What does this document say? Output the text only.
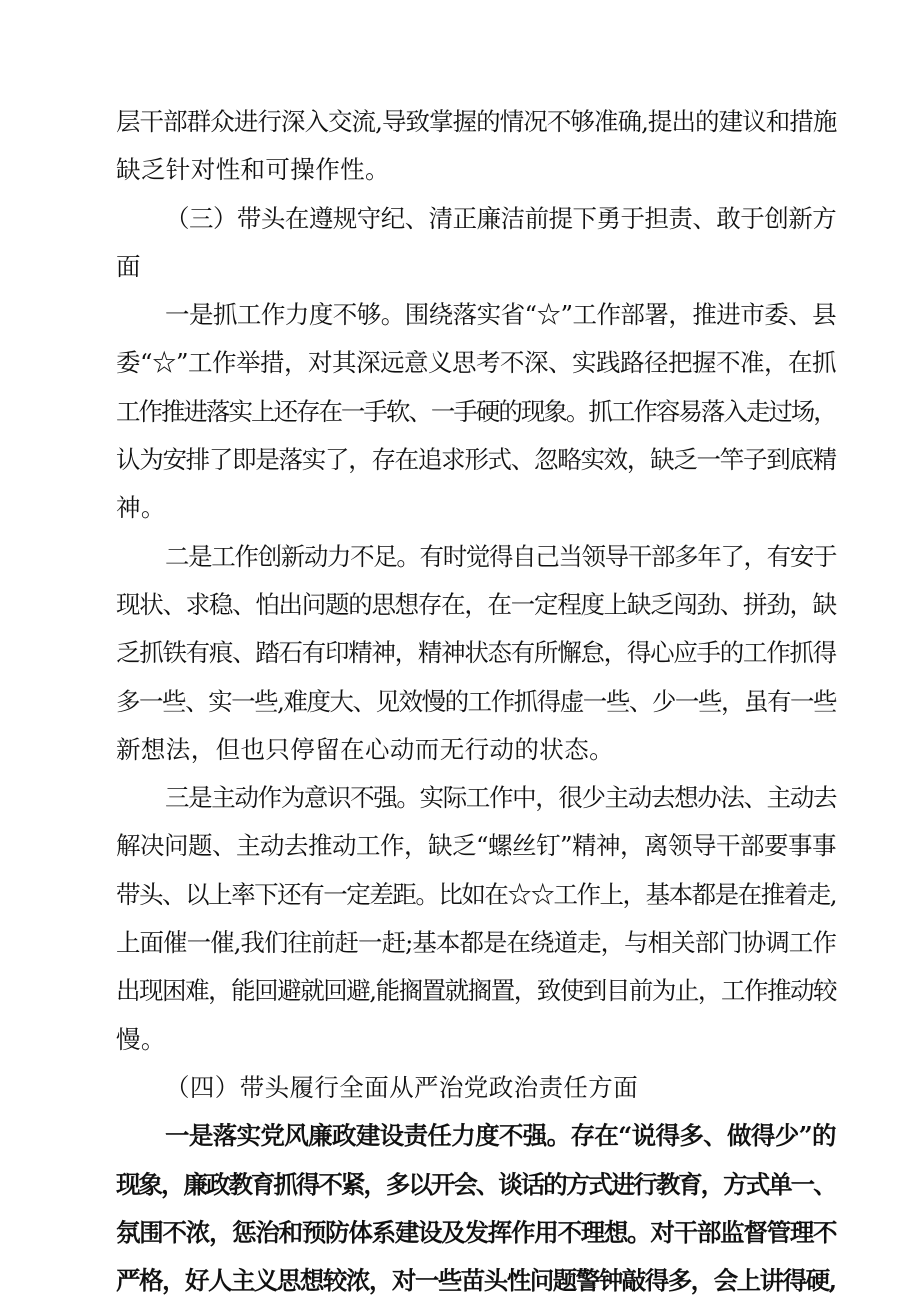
层干部群众进行深入交流,导致掌握的情况不够准确,提出的建议和措施
缺乏针对性和可操作性。
（三）带头在遵规守纪、清正廉洁前提下勇于担责、敢于创新方
面
一是抓工作力度不够。围绕落实省“☆”工作部署，推进市委、县
委“☆”工作举措，对其深远意义思考不深、实践路径把握不准，在抓
工作推进落实上还存在一手软、一手硬的现象。抓工作容易落入走过场，
认为安排了即是落实了，存在追求形式、忽略实效，缺乏一竿子到底精
神。
二是工作创新动力不足。有时觉得自己当领导干部多年了，有安于
现状、求稳、怕出问题的思想存在，在一定程度上缺乏闯劲、拼劲，缺
乏抓铁有痕、踏石有印精神，精神状态有所懈怠，得心应手的工作抓得
多一些、实一些,难度大、见效慢的工作抓得虚一些、少一些，虽有一些
新想法，但也只停留在心动而无行动的状态。
三是主动作为意识不强。实际工作中，很少主动去想办法、主动去
解决问题、主动去推动工作，缺乏“螺丝钉”精神，离领导干部要事事
带头、以上率下还有一定差距。比如在☆☆工作上，基本都是在推着走,
上面催一催,我们往前赶一赶;基本都是在绕道走，与相关部门协调工作
出现困难，能回避就回避,能搁置就搁置，致使到目前为止，工作推动较
慢。
（四）带头履行全面从严治党政治责任方面
一是落实党风廉政建设责任力度不强。存在“说得多、做得少”的
现象，廉政教育抓得不紧，多以开会、谈话的方式进行教育，方式单一、
氛围不浓，惩治和预防体系建设及发挥作用不理想。对干部监督管理不
严格，好人主义思想较浓，对一些苗头性问题警钟敲得多，会上讲得硬,
